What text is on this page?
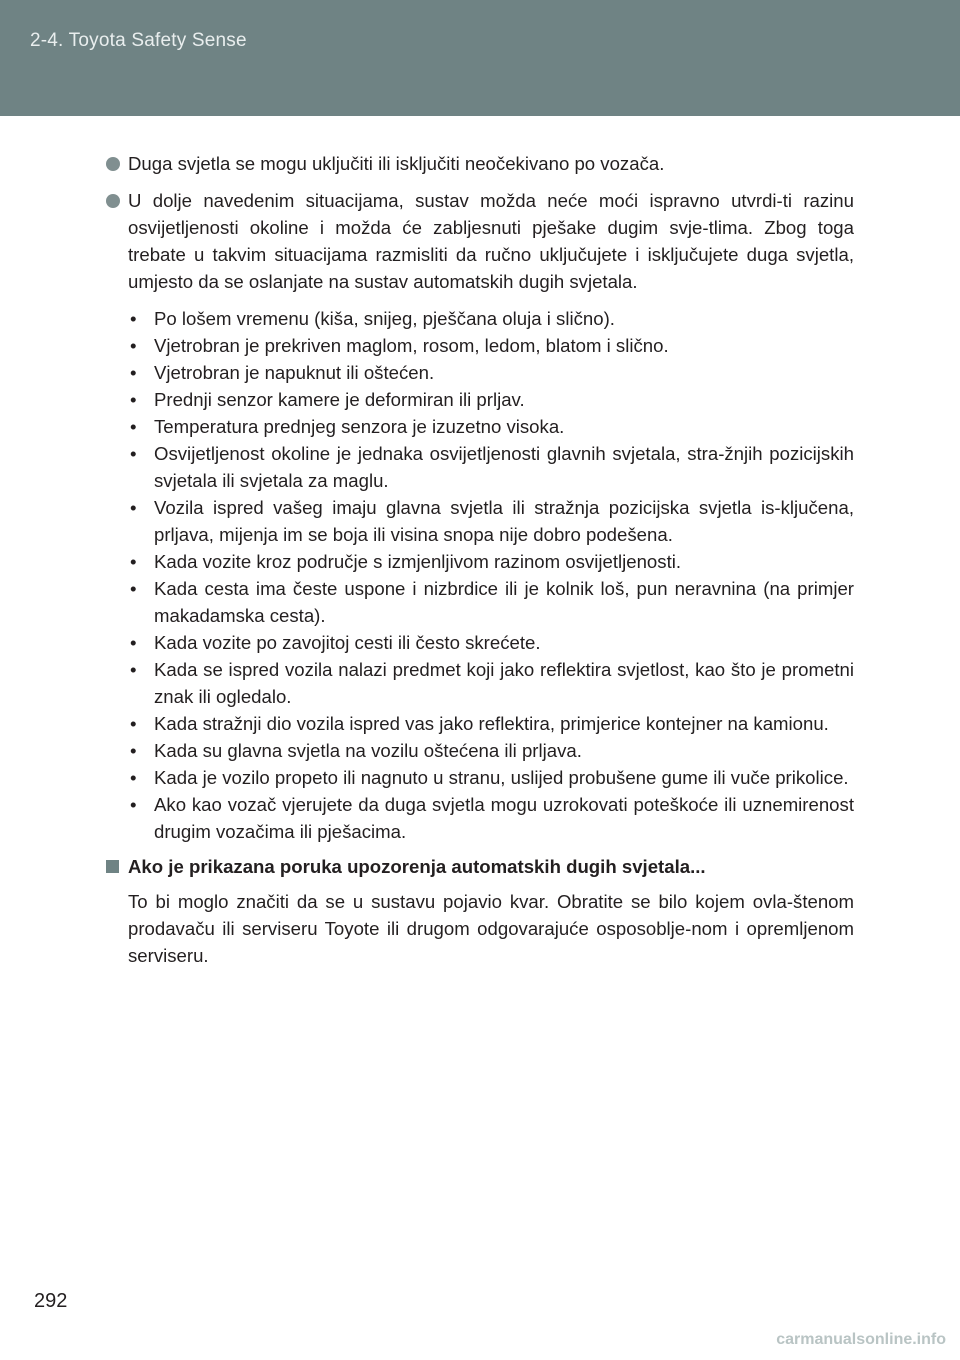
2-4. Toyota Safety Sense
Duga svjetla se mogu uključiti ili isključiti neočekivano po vozača.
U dolje navedenim situacijama, sustav možda neće moći ispravno utvrdi-ti razinu osvijetljenosti okoline i možda će zabljesnuti pješake dugim svje-tlima. Zbog toga trebate u takvim situacijama razmisliti da ručno uključujete i isključujete duga svjetla, umjesto da se oslanjate na sustav automatskih dugih svjetala.
• Po lošem vremenu (kiša, snijeg, pješčana oluja i slično).
• Vjetrobran je prekriven maglom, rosom, ledom, blatom i slično.
• Vjetrobran je napuknut ili oštećen.
• Prednji senzor kamere je deformiran ili prljav.
• Temperatura prednjeg senzora je izuzetno visoka.
• Osvijetljenost okoline je jednaka osvijetljenosti glavnih svjetala, stra-žnjih pozicijskih svjetala ili svjetala za maglu.
• Vozila ispred vašeg imaju glavna svjetla ili stražnja pozicijska svjetla is-ključena, prljava, mijenja im se boja ili visina snopa nije dobro podešena.
• Kada vozite kroz područje s izmjenljivom razinom osvijetljenosti.
• Kada cesta ima česte uspone i nizbrdice ili je kolnik loš, pun neravnina (na primjer makadamska cesta).
• Kada vozite po zavojitoj cesti ili često skrećete.
• Kada se ispred vozila nalazi predmet koji jako reflektira svjetlost, kao što je prometni znak ili ogledalo.
• Kada stražnji dio vozila ispred vas jako reflektira, primjerice kontejner na kamionu.
• Kada su glavna svjetla na vozilu oštećena ili prljava.
• Kada je vozilo propeto ili nagnuto u stranu, uslijed probušene gume ili vuče prikolice.
• Ako kao vozač vjerujete da duga svjetla mogu uzrokovati poteškoće ili uznemirenost drugim vozačima ili pješacima.
Ako je prikazana poruka upozorenja automatskih dugih svjetala...
To bi moglo značiti da se u sustavu pojavio kvar. Obratite se bilo kojem ovla-štenom prodavaču ili serviseru Toyote ili drugom odgovarajuće osposoblje-nom i opremljenom serviseru.
292
carmanualsonline.info
